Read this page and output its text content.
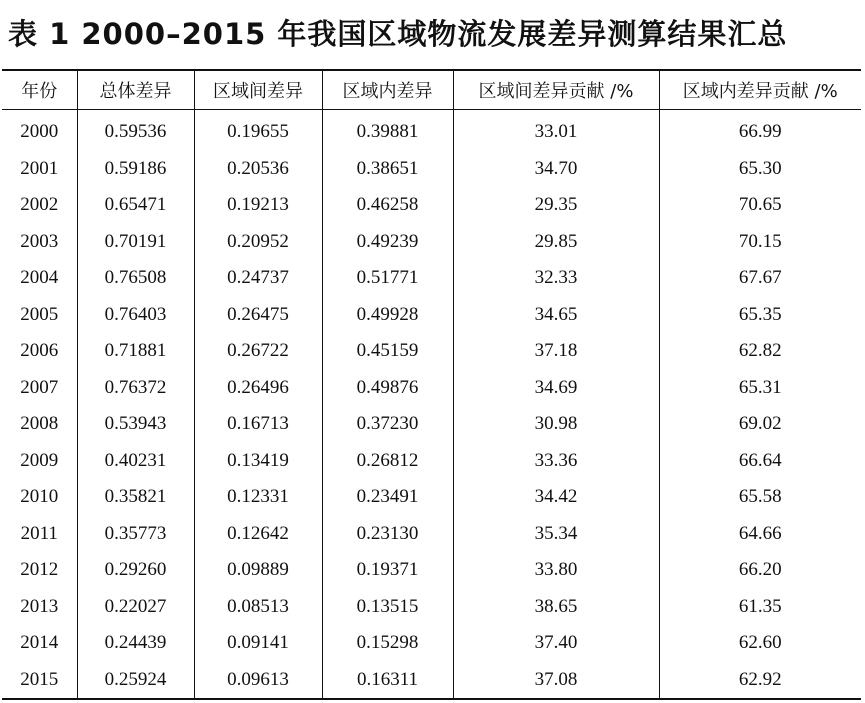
表 1 2000–2015 年我国区域物流发展差异测算结果汇总
年份	总体差异	区域间差异	区域内差异	区域间差异贡献 /%	区域内差异贡献 /%
2000	0.59536	0.19655	0.39881	33.01	66.99
2001	0.59186	0.20536	0.38651	34.70	65.30
2002	0.65471	0.19213	0.46258	29.35	70.65
2003	0.70191	0.20952	0.49239	29.85	70.15
2004	0.76508	0.24737	0.51771	32.33	67.67
2005	0.76403	0.26475	0.49928	34.65	65.35
2006	0.71881	0.26722	0.45159	37.18	62.82
2007	0.76372	0.26496	0.49876	34.69	65.31
2008	0.53943	0.16713	0.37230	30.98	69.02
2009	0.40231	0.13419	0.26812	33.36	66.64
2010	0.35821	0.12331	0.23491	34.42	65.58
2011	0.35773	0.12642	0.23130	35.34	64.66
2012	0.29260	0.09889	0.19371	33.80	66.20
2013	0.22027	0.08513	0.13515	38.65	61.35
2014	0.24439	0.09141	0.15298	37.40	62.60
2015	0.25924	0.09613	0.16311	37.08	62.92
